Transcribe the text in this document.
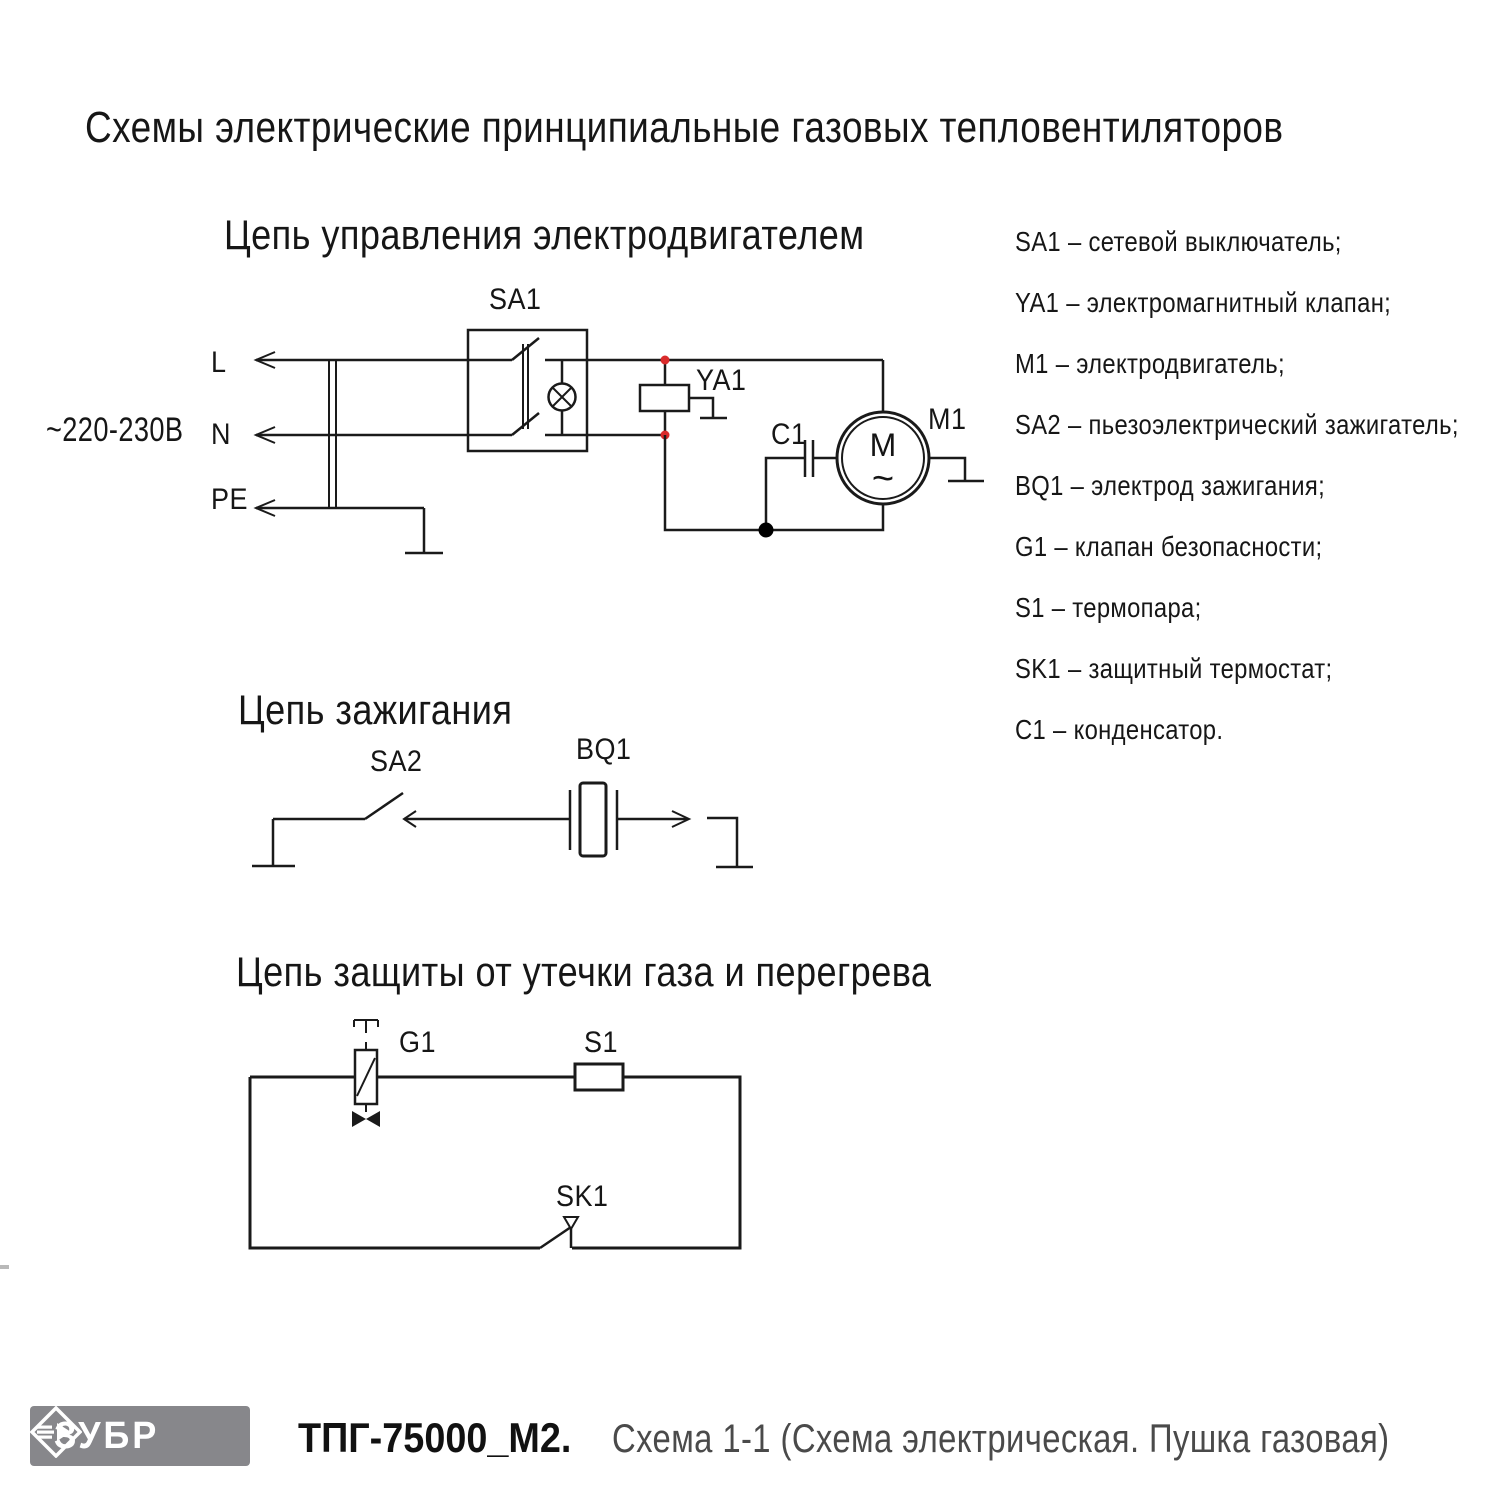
Схемы электрические принципиальные газовых тепловентиляторов
Цепь управления электродвигателем
Цепь зажигания
Цепь защиты от утечки газа и перегрева
~220-230В
L
N
PE
SA1
YA1
C1	M1
M
~
SA2	BQ1
G1	S1
SK1
SA1 – сетевой выключатель;
YA1 – электромагнитный клапан;
M1 – электродвигатель;
SA2 – пьезоэлектрический зажигатель;
BQ1 – электрод зажигания;
G1 – клапан безопасности;
S1 – термопара;
SK1 – защитный термостат;
C1 – конденсатор.
ЗУБР	ТПГ-75000_М2. Схема 1-1 (Схема электрическая. Пушка газовая)
